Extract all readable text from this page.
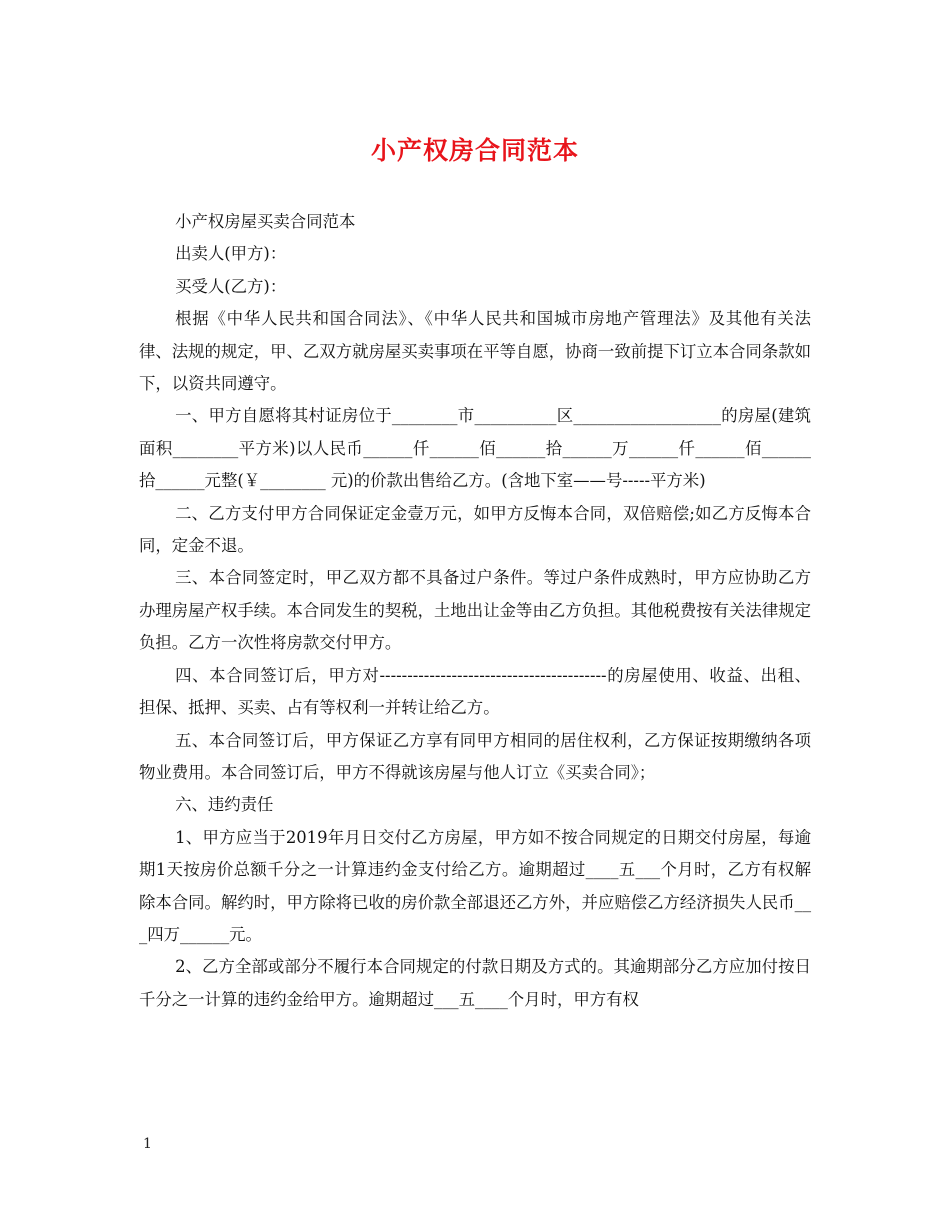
小产权房合同范本

小产权房屋买卖合同范本

出卖人(甲方)：

买受人(乙方)：

根据《中华人民共和国合同法》、《中华人民共和国城市房地产管理法》及其他有关法 律、法规的规定，甲、乙双方就房屋买卖事项在平等自愿，协商一致前提下订立本合同条款如下，以资共同遵守。

一、甲方自愿将其村证房位于________市__________区__________________的房屋(建筑面积________平方米)以人民币______仟______佰______拾______万______仟______佰______拾______元整(￥________ 元)的价款出售给乙方。(含地下室——号-----平方米)

二、乙方支付甲方合同保证定金壹万元，如甲方反悔本合同，双倍赔偿;如乙方反悔本合同，定金不退。

三、本合同签定时，甲乙双方都不具备过户条件。等过户条件成熟时，甲方应协助乙方办理房屋产权手续。本合同发生的契税，土地出让金等由乙方负担。其他税费按有关法律规定负担。乙方一次性将房款交付甲方。

四、本合同签订后，甲方对-----------------------------------------的房屋使用、收益、出租、担保、抵押、买卖、占有等权利一并转让给乙方。

五、本合同签订后，甲方保证乙方享有同甲方相同的居住权利，乙方保证按期缴纳各项物业费用。本合同签订后，甲方不得就该房屋与他人订立《买卖合同》；

六、违约责任

1、甲方应当于2019年月日交付乙方房屋，甲方如不按合同规定的日期交付房屋，每逾期1天按房价总额千分之一计算违约金支付给乙方。逾期超过____五___个月时，乙方有权解除本合同。解约时，甲方除将已收的房价款全部退还乙方外，并应赔偿乙方经济损失人民币___四万______元。

2、乙方全部或部分不履行本合同规定的付款日期及方式的。其逾期部分乙方应加付按日千分之一计算的违约金给甲方。逾期超过___五____个月时，甲方有权

1
